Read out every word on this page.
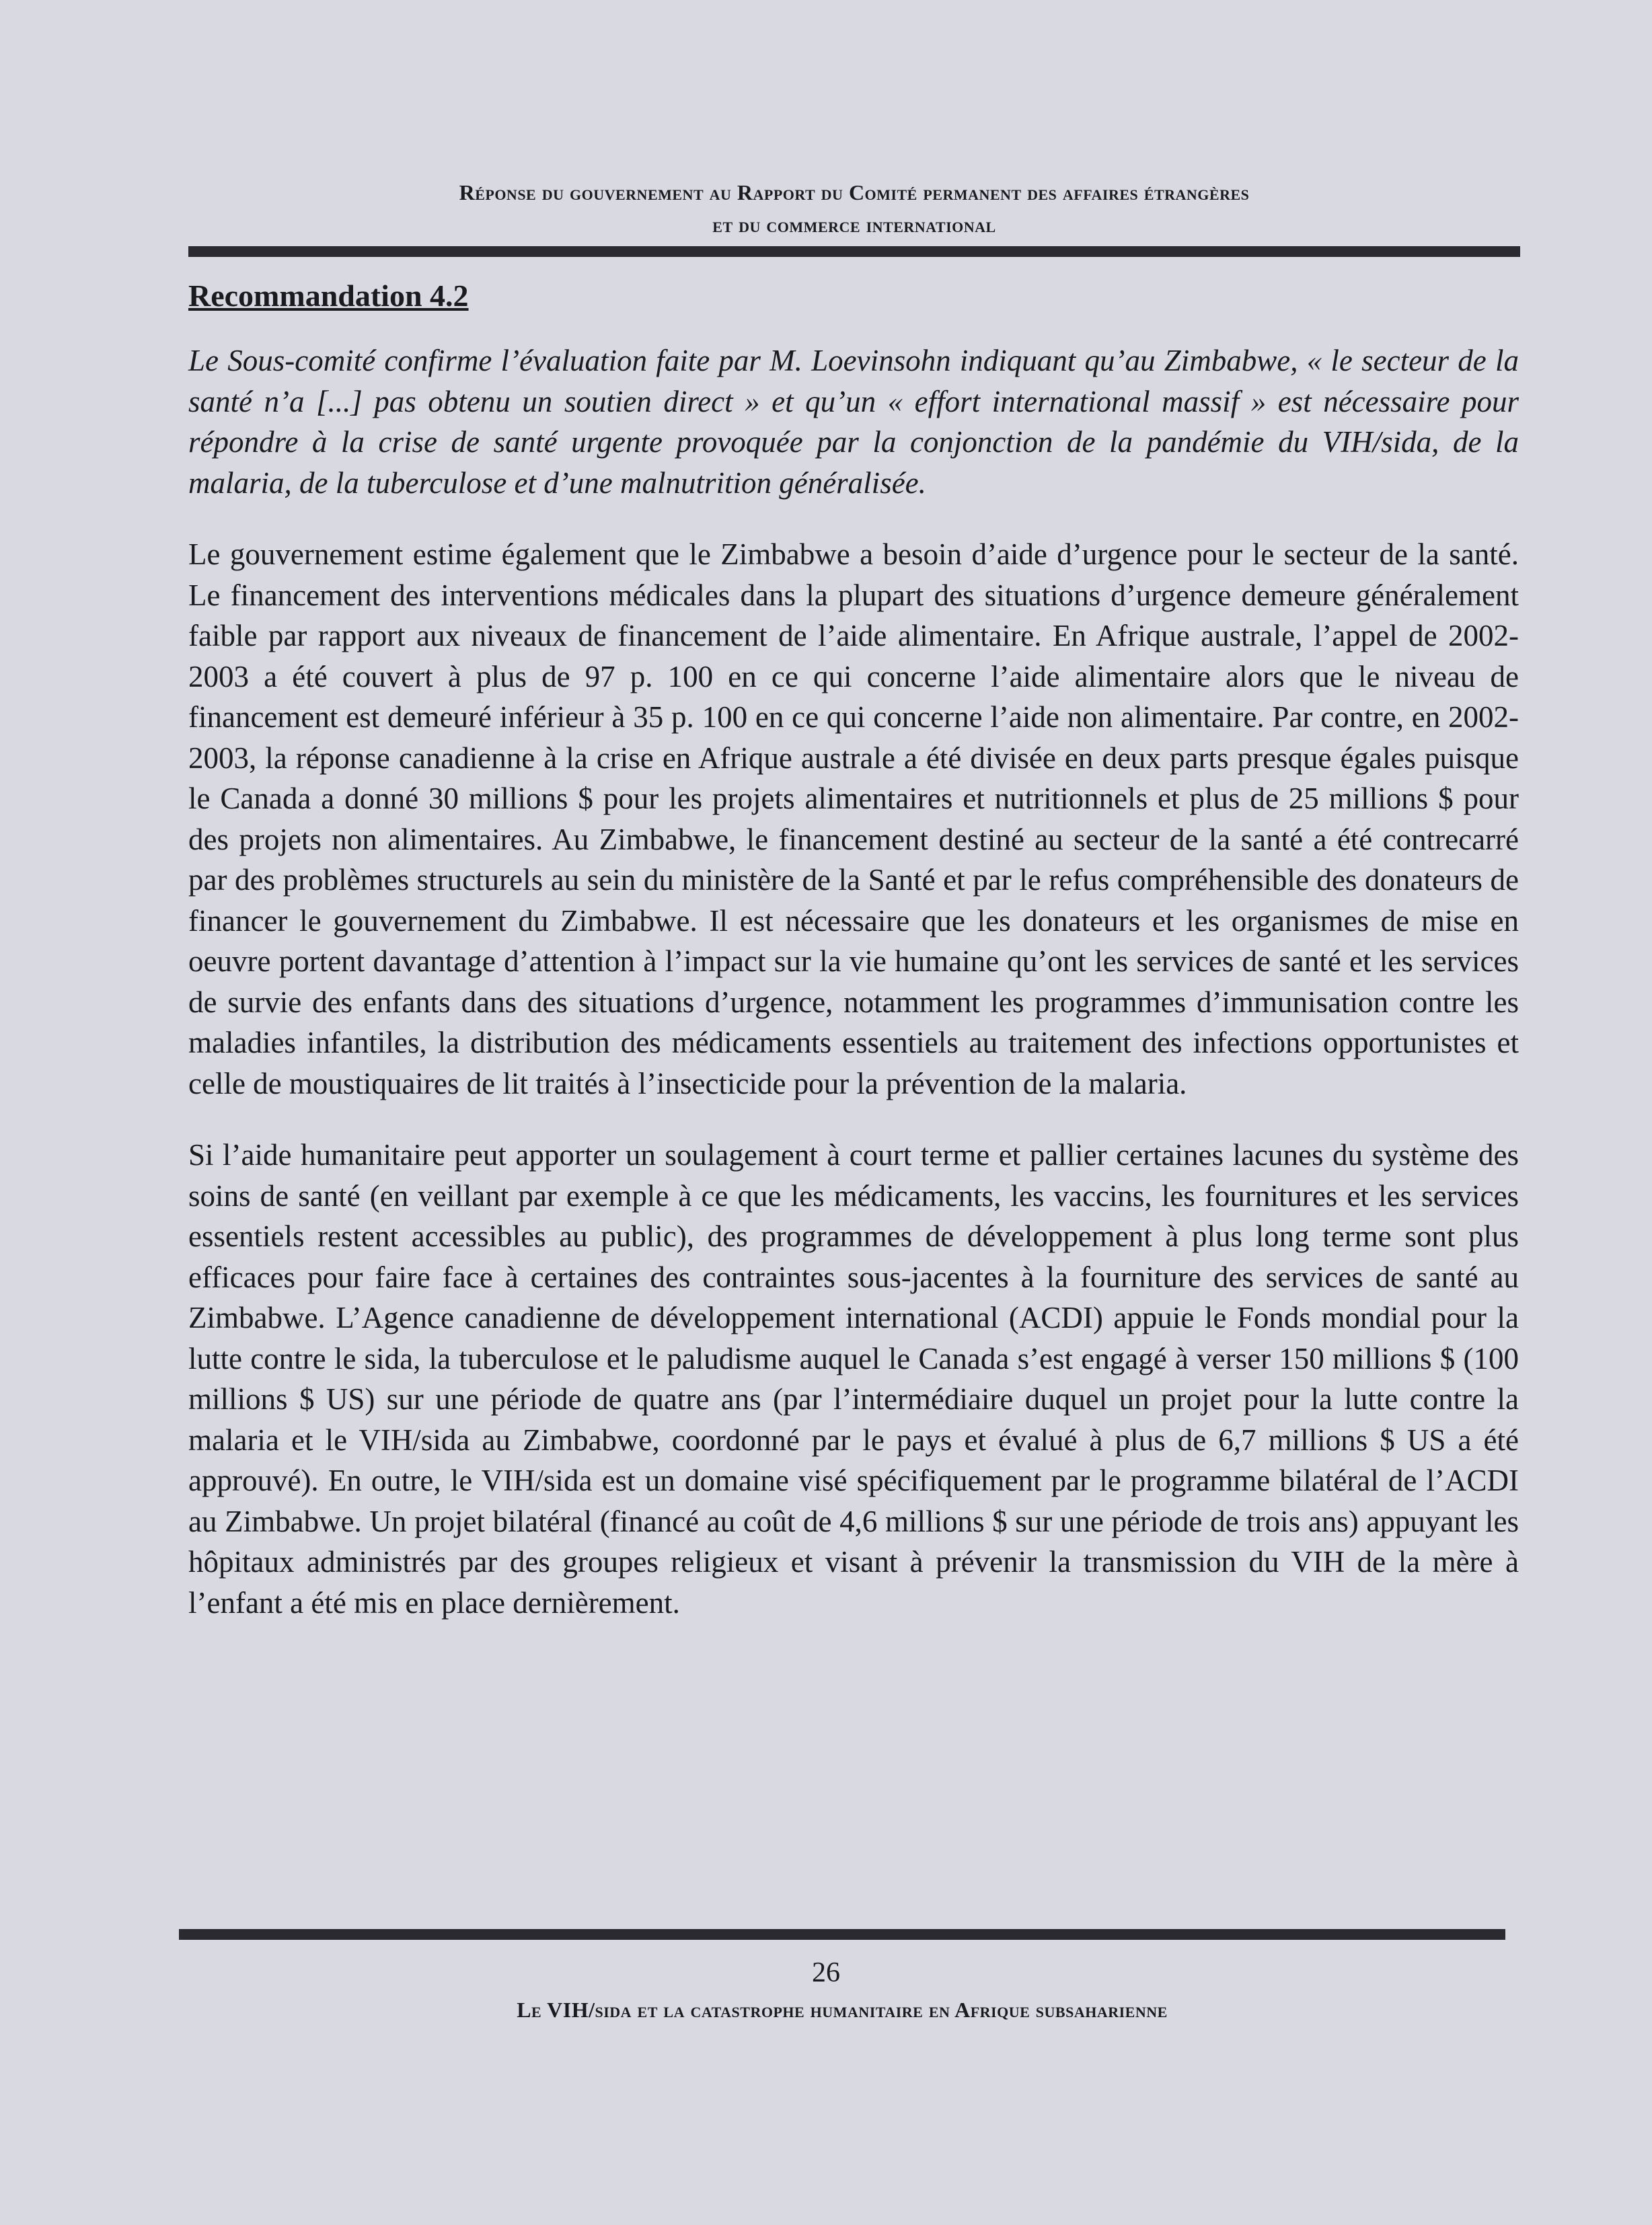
Réponse du gouvernement au Rapport du Comité permanent des affaires étrangères
et du commerce international
Recommandation 4.2

Le Sous-comité confirme l’évaluation faite par M. Loevinsohn indiquant qu’au Zimbabwe, « le secteur de la santé n’a [...] pas obtenu un soutien direct » et qu’un « effort international massif » est nécessaire pour répondre à la crise de santé urgente provoquée par la conjonction de la pandémie du VIH/sida, de la malaria, de la tuberculose et d’une malnutrition généralisée.

Le gouvernement estime également que le Zimbabwe a besoin d’aide d’urgence pour le secteur de la santé. Le financement des interventions médicales dans la plupart des situations d’urgence demeure généralement faible par rapport aux niveaux de financement de l’aide alimentaire. En Afrique australe, l’appel de 2002-2003 a été couvert à plus de 97 p. 100 en ce qui concerne l’aide alimentaire alors que le niveau de financement est demeuré inférieur à 35 p. 100 en ce qui concerne l’aide non alimentaire. Par contre, en 2002-2003, la réponse canadienne à la crise en Afrique australe a été divisée en deux parts presque égales puisque le Canada a donné 30 millions $ pour les projets alimentaires et nutritionnels et plus de 25 millions $ pour des projets non alimentaires. Au Zimbabwe, le financement destiné au secteur de la santé a été contrecarré par des problèmes structurels au sein du ministère de la Santé et par le refus compréhensible des donateurs de financer le gouvernement du Zimbabwe. Il est nécessaire que les donateurs et les organismes de mise en oeuvre portent davantage d’attention à l’impact sur la vie humaine qu’ont les services de santé et les services de survie des enfants dans des situations d’urgence, notamment les programmes d’immunisation contre les maladies infantiles, la distribution des médicaments essentiels au traitement des infections opportunistes et celle de moustiquaires de lit traités à l’insecticide pour la prévention de la malaria.

Si l’aide humanitaire peut apporter un soulagement à court terme et pallier certaines lacunes du système des soins de santé (en veillant par exemple à ce que les médicaments, les vaccins, les fournitures et les services essentiels restent accessibles au public), des programmes de développement à plus long terme sont plus efficaces pour faire face à certaines des contraintes sous-jacentes à la fourniture des services de santé au Zimbabwe. L’Agence canadienne de développement international (ACDI) appuie le Fonds mondial pour la lutte contre le sida, la tuberculose et le paludisme auquel le Canada s’est engagé à verser 150 millions $ (100 millions $ US) sur une période de quatre ans (par l’intermédiaire duquel un projet pour la lutte contre la malaria et le VIH/sida au Zimbabwe, coordonné par le pays et évalué à plus de 6,7 millions $ US a été approuvé). En outre, le VIH/sida est un domaine visé spécifiquement par le programme bilatéral de l’ACDI au Zimbabwe. Un projet bilatéral (financé au coût de 4,6 millions $ sur une période de trois ans) appuyant les hôpitaux administrés par des groupes religieux et visant à prévenir la transmission du VIH de la mère à l’enfant a été mis en place dernièrement.

26
Le VIH/sida et la catastrophe humanitaire en Afrique subsaharienne
